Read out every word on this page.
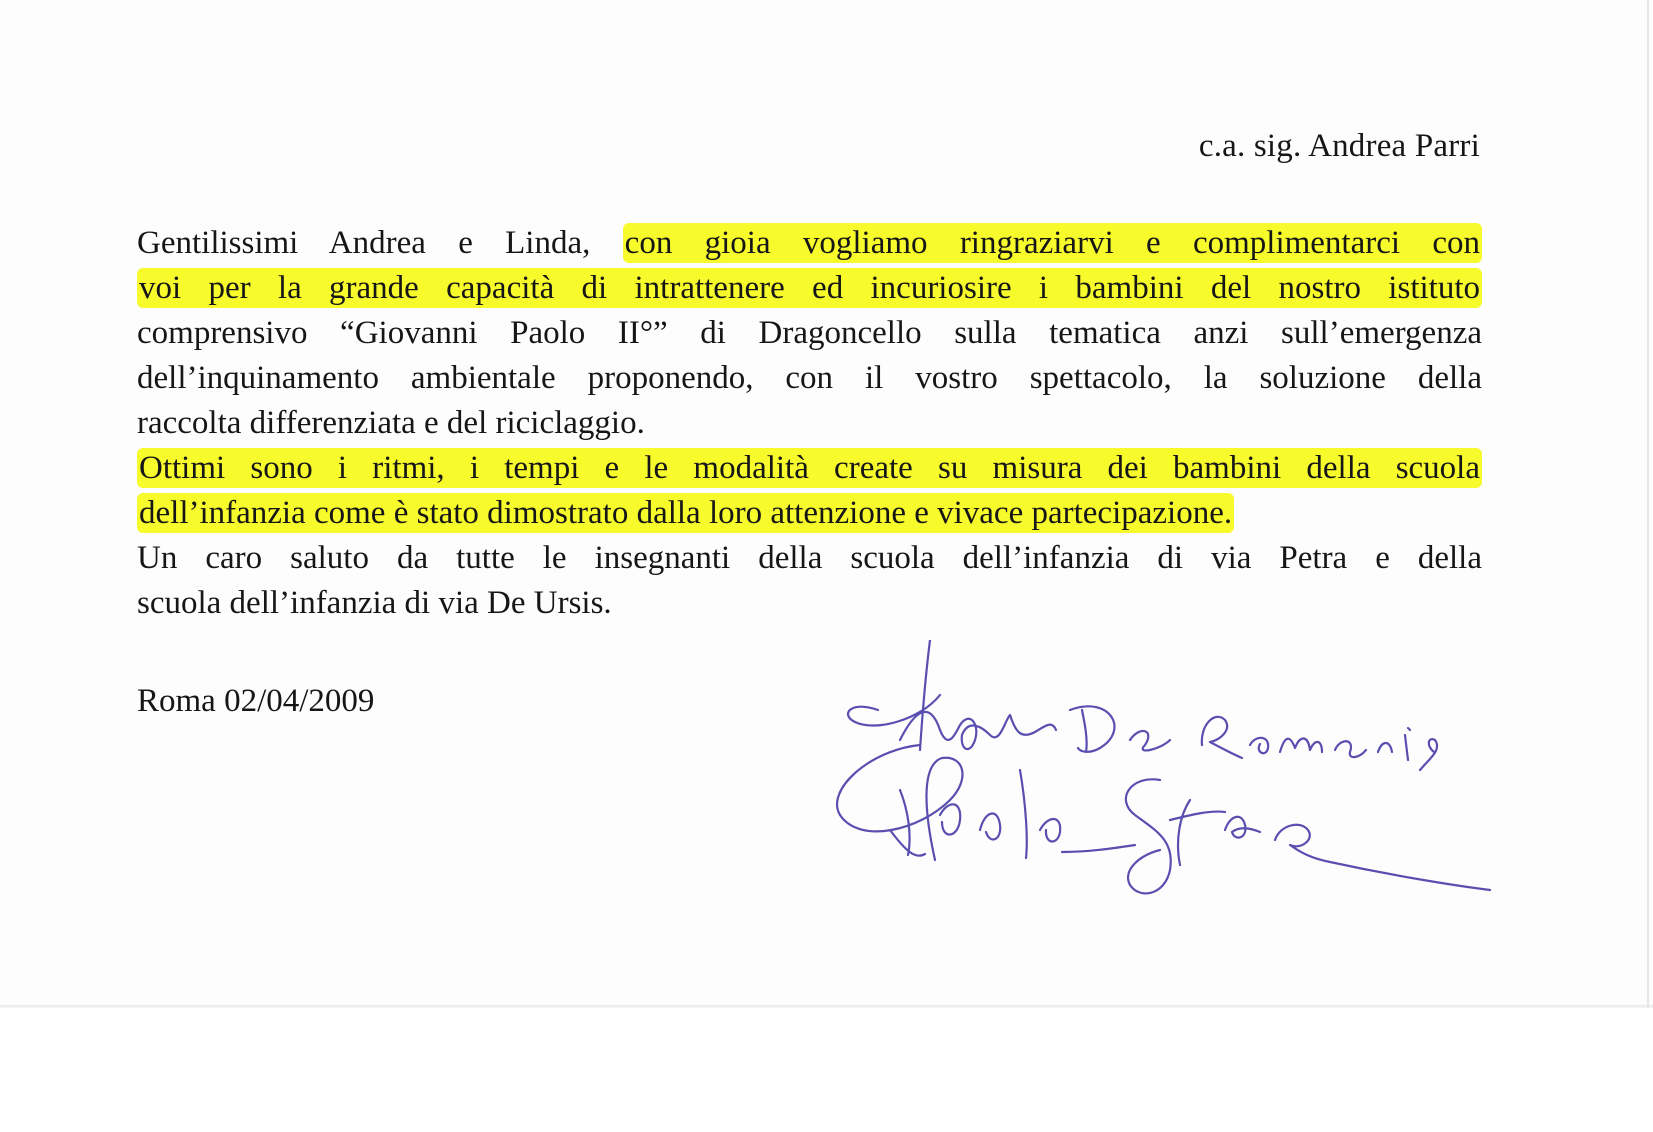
c.a. sig. Andrea Parri
Gentilissimi Andrea e Linda, con gioia vogliamo ringraziarvi e complimentarci con
voi per la grande capacità di intrattenere ed incuriosire i bambini del nostro istituto
comprensivo “Giovanni Paolo II°” di Dragoncello sulla tematica anzi sull’emergenza
dell’inquinamento ambientale proponendo, con il vostro spettacolo, la soluzione della
raccolta differenziata e del riciclaggio.
Ottimi sono i ritmi, i tempi e le modalità create su misura dei bambini della scuola
dell’infanzia come è stato dimostrato dalla loro attenzione e vivace partecipazione.
Un caro saluto da tutte le insegnanti della scuola dell’infanzia di via Petra e della
scuola dell’infanzia di via De Ursis.
Roma 02/04/2009
